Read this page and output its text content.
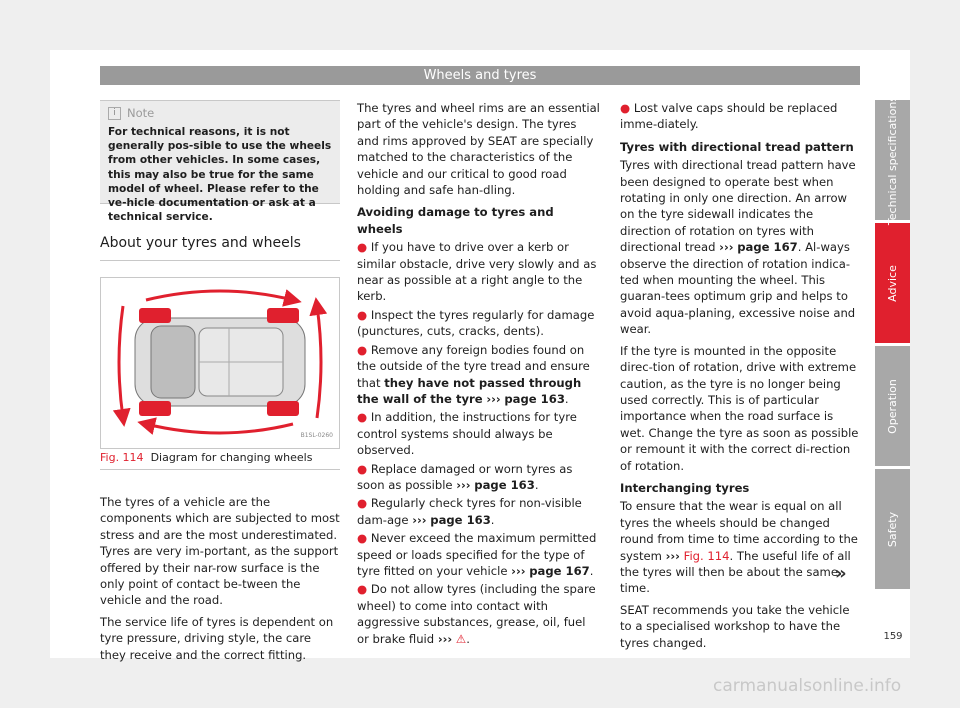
Wheels and tyres
i Note
For technical reasons, it is not generally pos-sible to use the wheels from other vehicles. In some cases, this may also be true for the same model of wheel. Please refer to the ve-hicle documentation or ask at a technical service.
About your tyres and wheels
B1SL-0260
Fig. 114 Diagram for changing wheels

The tyres of a vehicle are the components which are subjected to most stress and are the most underestimated. Tyres are very im-portant, as the support offered by their nar-row surface is the only point of contact be-tween the vehicle and the road.

The service life of tyres is dependent on tyre pressure, driving style, the care they receive and the correct fitting.

The tyres and wheel rims are an essential part of the vehicle's design. The tyres and rims approved by SEAT are specially matched to the characteristics of the vehicle and our critical to good road holding and safe han-dling.

Avoiding damage to tyres and wheels
● If you have to drive over a kerb or similar obstacle, drive very slowly and as near as possible at a right angle to the kerb.
● Inspect the tyres regularly for damage (punctures, cuts, cracks, dents).
● Remove any foreign bodies found on the outside of the tyre tread and ensure that they have not passed through the wall of the tyre ››› page 163.
● In addition, the instructions for tyre control systems should always be observed.
● Replace damaged or worn tyres as soon as possible ››› page 163.
● Regularly check tyres for non-visible dam-age ››› page 163.
● Never exceed the maximum permitted speed or loads specified for the type of tyre fitted on your vehicle ››› page 167.
● Do not allow tyres (including the spare wheel) to come into contact with aggressive substances, grease, oil, fuel or brake fluid ››› ⚠.
● Lost valve caps should be replaced imme-diately.
Tyres with directional tread pattern

Tyres with directional tread pattern have been designed to operate best when rotating in only one direction. An arrow on the tyre sidewall indicates the direction of rotation on tyres with directional tread ››› page 167. Al-ways observe the direction of rotation indica-ted when mounting the wheel. This guaran-tees optimum grip and helps to avoid aqua-planing, excessive noise and wear.

If the tyre is mounted in the opposite direc-tion of rotation, drive with extreme caution, as the tyre is no longer being used correctly. This is of particular importance when the road surface is wet. Change the tyre as soon as possible or remount it with the correct di-rection of rotation.

Interchanging tyres

To ensure that the wear is equal on all tyres the wheels should be changed round from time to time according to the system ››› Fig. 114. The useful life of all the tyres will then be about the same time.

SEAT recommends you take the vehicle to a specialised workshop to have the tyres changed.

»
Technical specifications
Advice
Operation
Safety
159
carmanualsonline.info
